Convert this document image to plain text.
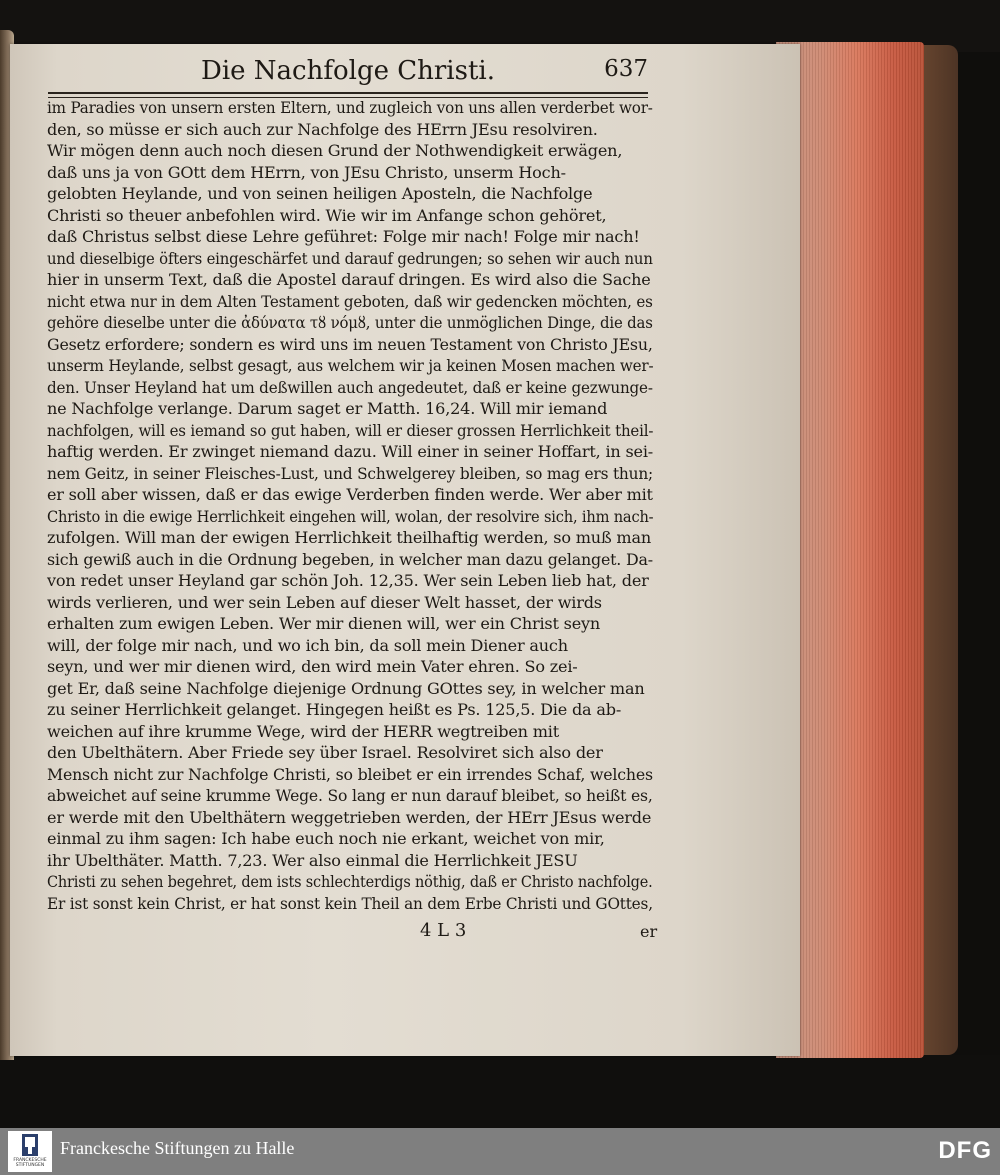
Die Nachfolge Christi.	637
im Paradies von unsern ersten Eltern, und zugleich von uns allen verderbet wor-
den, so müsse er sich auch zur Nachfolge des HErrn JEsu resolviren.
Wir mögen denn auch noch diesen Grund der Nothwendigkeit erwägen,
daß uns ja von GOtt dem HErrn, von JEsu Christo, unserm Hoch-
gelobten Heylande, und von seinen heiligen Aposteln, die Nachfolge
Christi so theuer anbefohlen wird. Wie wir im Anfange schon gehöret,
daß Christus selbst diese Lehre geführet: Folge mir nach! Folge mir nach!
und dieselbige öfters eingeschärfet und darauf gedrungen; so sehen wir auch nun
hier in unserm Text, daß die Apostel darauf dringen. Es wird also die Sache
nicht etwa nur in dem Alten Testament geboten, daß wir gedencken möchten, es
gehöre dieselbe unter die ἀδύνατα τȣ νόμȣ, unter die unmöglichen Dinge, die das
Gesetz erfordere; sondern es wird uns im neuen Testament von Christo JEsu,
unserm Heylande, selbst gesagt, aus welchem wir ja keinen Mosen machen wer-
den. Unser Heyland hat um deßwillen auch angedeutet, daß er keine gezwunge-
ne Nachfolge verlange. Darum saget er Matth. 16,24. Will mir iemand
nachfolgen, will es iemand so gut haben, will er dieser grossen Herrlichkeit theil-
haftig werden. Er zwinget niemand dazu. Will einer in seiner Hoffart, in sei-
nem Geitz, in seiner Fleisches-Lust, und Schwelgerey bleiben, so mag ers thun;
er soll aber wissen, daß er das ewige Verderben finden werde. Wer aber mit
Christo in die ewige Herrlichkeit eingehen will, wolan, der resolvire sich, ihm nach-
zufolgen. Will man der ewigen Herrlichkeit theilhaftig werden, so muß man
sich gewiß auch in die Ordnung begeben, in welcher man dazu gelanget. Da-
von redet unser Heyland gar schön Joh. 12,35. Wer sein Leben lieb hat, der
wirds verlieren, und wer sein Leben auf dieser Welt hasset, der wirds
erhalten zum ewigen Leben. Wer mir dienen will, wer ein Christ seyn
will, der folge mir nach, und wo ich bin, da soll mein Diener auch
seyn, und wer mir dienen wird, den wird mein Vater ehren. So zei-
get Er, daß seine Nachfolge diejenige Ordnung GOttes sey, in welcher man
zu seiner Herrlichkeit gelanget. Hingegen heißt es Ps. 125,5. Die da ab-
weichen auf ihre krumme Wege, wird der HERR wegtreiben mit
den Ubelthätern. Aber Friede sey über Israel. Resolviret sich also der
Mensch nicht zur Nachfolge Christi, so bleibet er ein irrendes Schaf, welches
abweichet auf seine krumme Wege. So lang er nun darauf bleibet, so heißt es,
er werde mit den Ubelthätern weggetrieben werden, der HErr JEsus werde
einmal zu ihm sagen: Ich habe euch noch nie erkant, weichet von mir,
ihr Ubelthäter. Matth. 7,23. Wer also einmal die Herrlichkeit JESU
Christi zu sehen begehret, dem ists schlechterdigs nöthig, daß er Christo nachfolge.
Er ist sonst kein Christ, er hat sonst kein Theil an dem Erbe Christi und GOttes,
4 L 3	er
FRANCKESCHE STIFTUNGEN
Franckesche Stiftungen zu Halle	DFG
